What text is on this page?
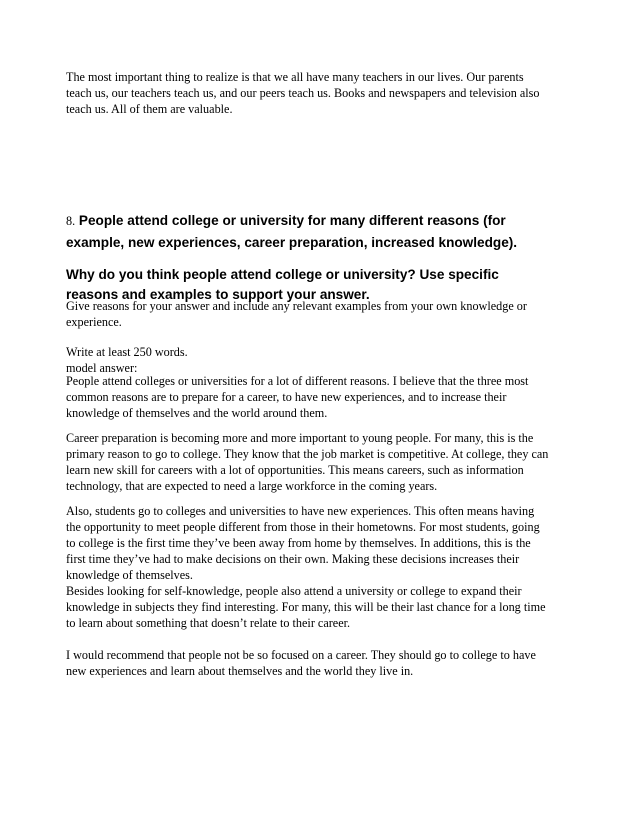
The most important thing to realize is that we all have many teachers in our lives. Our parents
teach us, our teachers teach us, and our peers teach us. Books and newspapers and television also
teach us. All of them are valuable.
8. People attend college or university for many different reasons (for
example, new experiences, career preparation, increased knowledge).
Why do you think people attend college or university? Use specific
reasons and examples to support your answer.
Give reasons for your answer and include any relevant examples from your own knowledge or
experience.
Write at least 250 words.
model answer:
People attend colleges or universities for a lot of different reasons. I believe that the three most
common reasons are to prepare for a career, to have new experiences, and to increase their
knowledge of themselves and the world around them.
Career preparation is becoming more and more important to young people. For many, this is the
primary reason to go to college. They know that the job market is competitive. At college, they can
learn new skill for careers with a lot of opportunities. This means careers, such as information
technology, that are expected to need a large workforce in the coming years.
Also, students go to colleges and universities to have new experiences. This often means having
the opportunity to meet people different from those in their hometowns. For most students, going
to college is the first time they’ve been away from home by themselves. In additions, this is the
first time they’ve had to make decisions on their own. Making these decisions increases their
knowledge of themselves.
Besides looking for self-knowledge, people also attend a university or college to expand their
knowledge in subjects they find interesting. For many, this will be their last chance for a long time
to learn about something that doesn’t relate to their career.
I would recommend that people not be so focused on a career. They should go to college to have
new experiences and learn about themselves and the world they live in.
